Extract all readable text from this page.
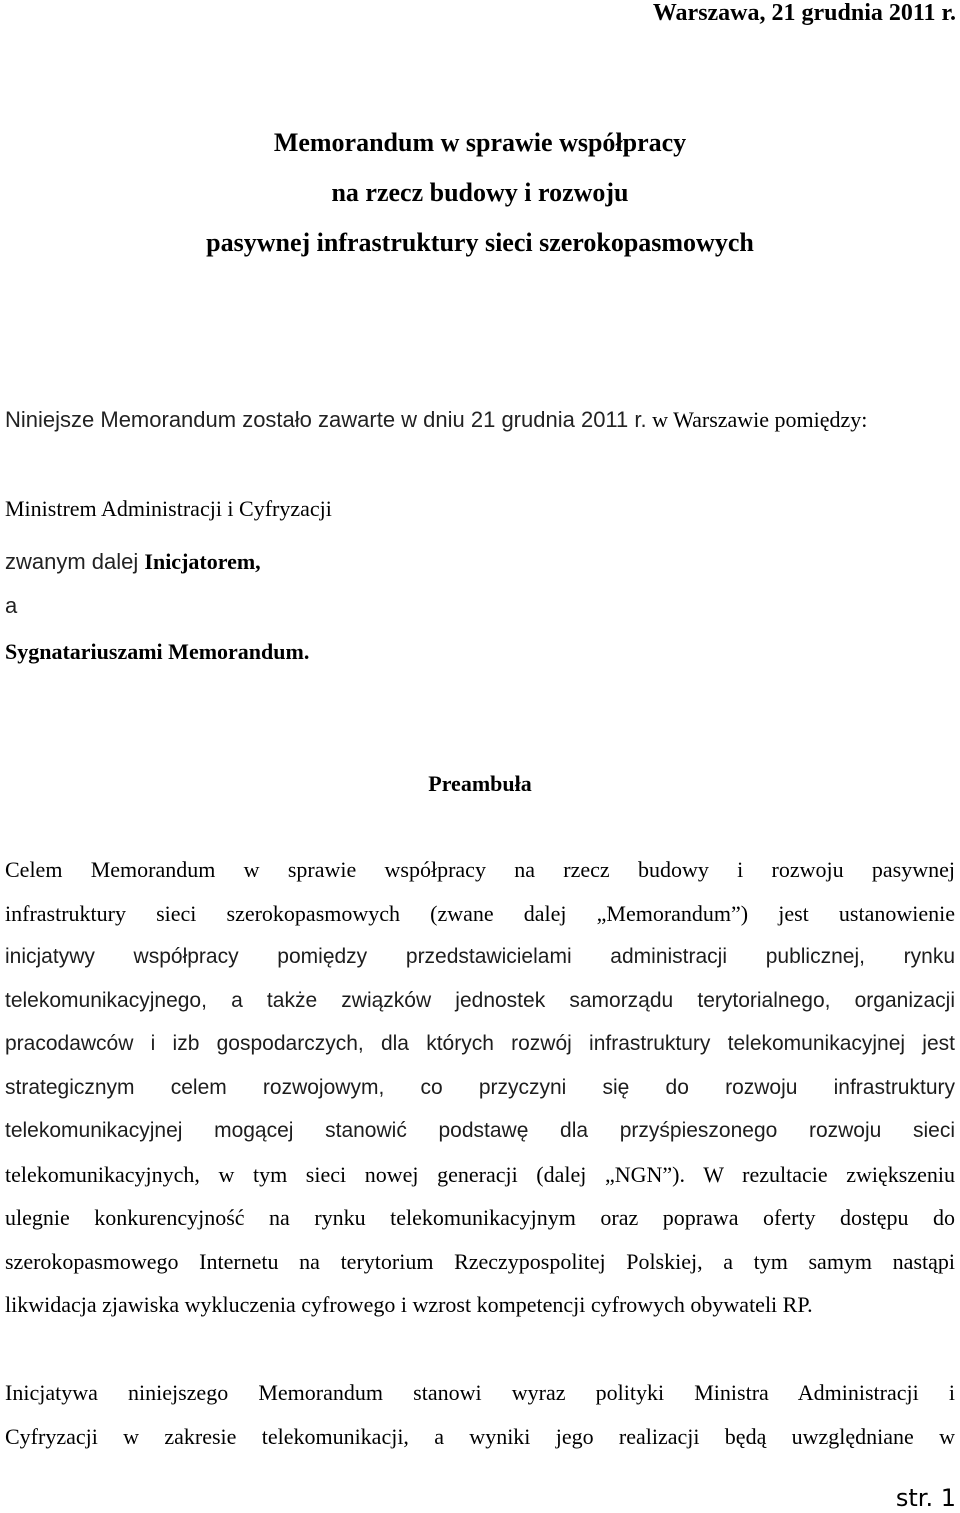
Warszawa, 21 grudnia 2011 r.
Memorandum w sprawie współpracy
na rzecz budowy i rozwoju
pasywnej infrastruktury sieci szerokopasmowych
Niniejsze Memorandum zostało zawarte w dniu 21 grudnia 2011 r. w Warszawie pomiędzy:
Ministrem Administracji i Cyfryzacji
zwanym dalej Inicjatorem,
a
Sygnatariuszami Memorandum.
Preambuła
Celem Memorandum w sprawie współpracy na rzecz budowy i rozwoju pasywnej
infrastruktury sieci szerokopasmowych (zwane dalej „Memorandum”) jest ustanowienie
inicjatywy współpracy pomiędzy przedstawicielami administracji publicznej, rynku
telekomunikacyjnego, a także związków jednostek samorządu terytorialnego, organizacji
pracodawców i izb gospodarczych, dla których rozwój infrastruktury telekomunikacyjnej jest
strategicznym celem rozwojowym, co przyczyni się do rozwoju infrastruktury
telekomunikacyjnej mogącej stanowić podstawę dla przyśpieszonego rozwoju sieci
telekomunikacyjnych, w tym sieci nowej generacji (dalej „NGN”). W rezultacie zwiększeniu
ulegnie konkurencyjność na rynku telekomunikacyjnym oraz poprawa oferty dostępu do
szerokopasmowego Internetu na terytorium Rzeczypospolitej Polskiej, a tym samym nastąpi
likwidacja zjawiska wykluczenia cyfrowego i wzrost kompetencji cyfrowych obywateli RP.
Inicjatywa niniejszego Memorandum stanowi wyraz polityki Ministra Administracji i
Cyfryzacji w zakresie telekomunikacji, a wyniki jego realizacji będą uwzględniane w
str. 1
